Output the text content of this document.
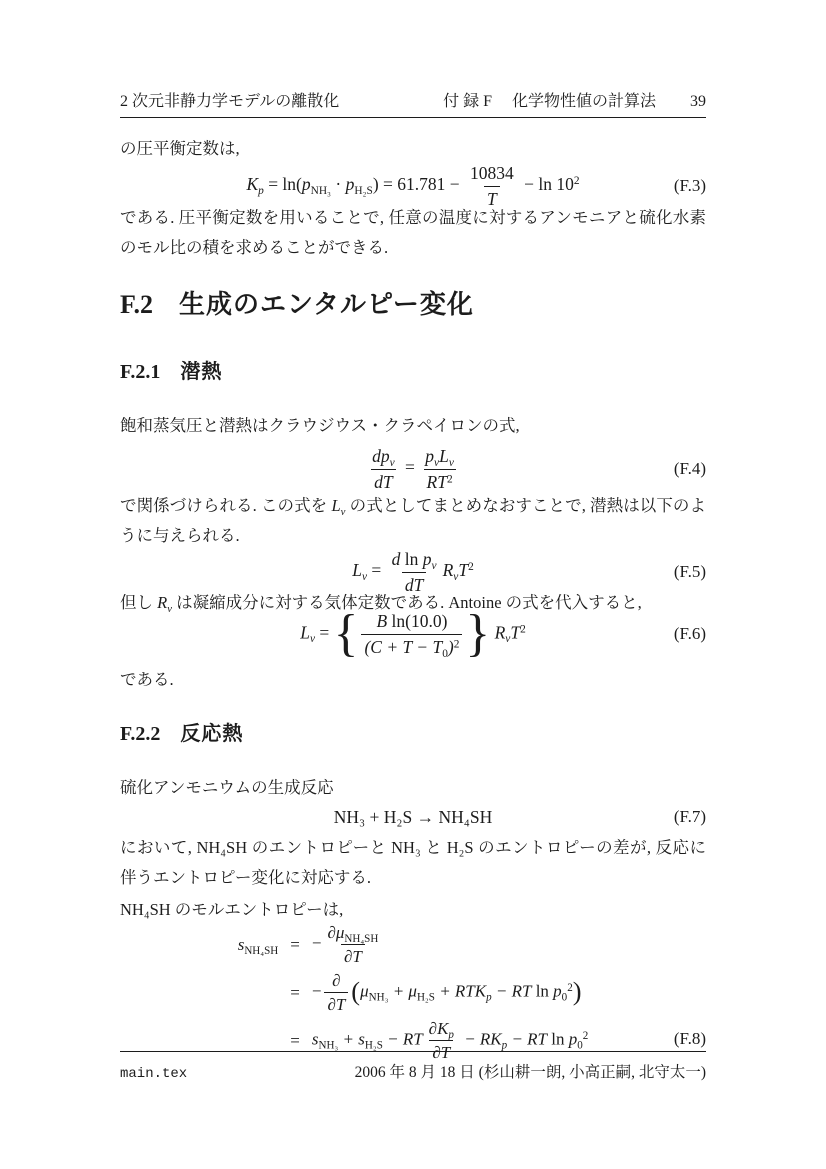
2 次元非静力学モデルの離散化	付 録 F 化学物性値の計算法 39

の圧平衡定数は,

$K_p = \ln(p_{NH_3} \cdot p_{H_2S}) = 61.781 - \frac{10834}{T} - \ln 10^2$	(F.3)

である. 圧平衡定数を用いることで, 任意の温度に対するアンモニアと硫化水素のモル比の積を求めることができる.

F.2 生成のエンタルピー変化
F.2.1 潜熱

飽和蒸気圧と潜熱はクラウジウス・クラペイロンの式,

$\frac{dp_v}{dT} = \frac{p_vL_v}{RT^2}$	(F.4)

で関係づけられる. この式を $L_v$ の式としてまとめなおすことで, 潜熱は以下のように与えられる.

$L_v = \frac{d \ln p_v}{dT} R_vT^2$	(F.5)

但し $R_v$ は凝縮成分に対する気体定数である. Antoine の式を代入すると,

$L_v$ = { $\frac{\text{B ln(10.0)}}{(C + T - T_0)^2}$ } $R_vT^2$	(F.6)

である.

F.2.2 反応熱

硫化アンモニウムの生成反応

NH₃ + H₂S → NH₄SH	(F.7)

において, NH₄SH のエントロピーと NH₃ と H₂S のエントロピーの差が, 反応に伴うエントロピー変化に対応する.

NH₄SH のモルエントロピーは,

$s_{NH_4SH}$ = − $\frac{\partial\mu_{NH_4SH}}{\partial T}$
= − $\frac{\partial}{\partial T} (\mu_{NH_3} + \mu_{H_2S} + RTK_p$ − RT $\ln p_0^2$)
= $s_{NH_3} + s_{H_2S}$ − RT $\frac{\partial K_p}{\partial T} - RK_p$ − RT $\ln p_0^2$	(F.8)
main.tex	2006 年 8 月 18 日 (杉山耕一朗, 小高正嗣, 北守太一)
